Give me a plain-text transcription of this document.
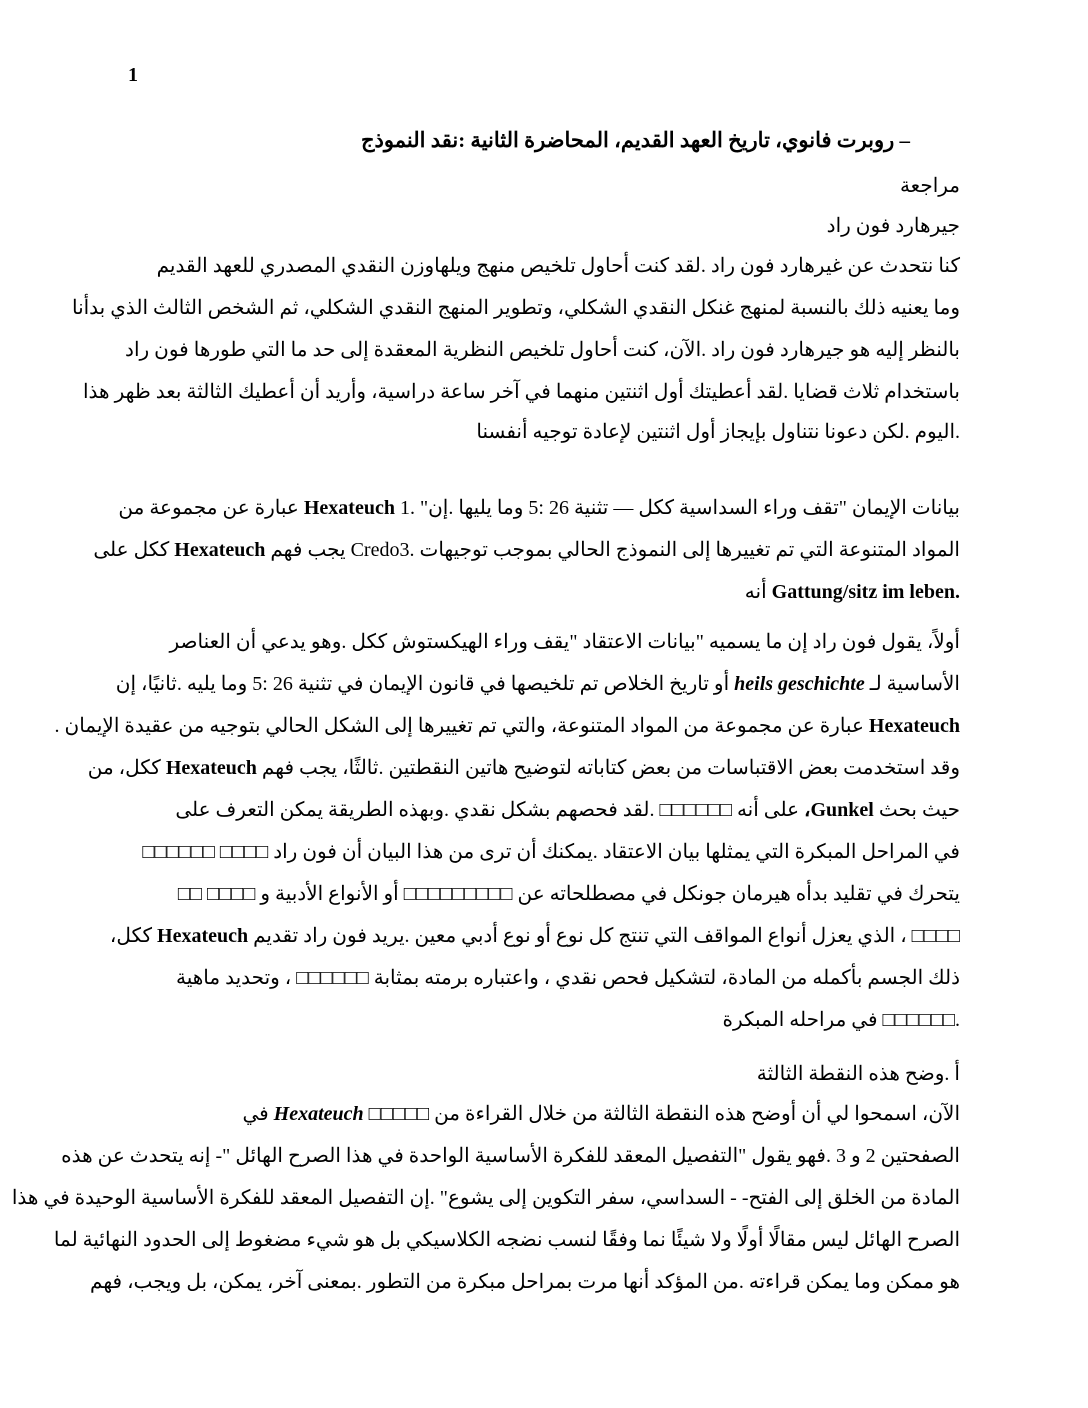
1
– روبرت فانوي، تاريخ العهد القديم، المحاضرة الثانية :نقد النموذج
مراجعة
جيرهارد فون راد
كنا نتحدث عن غيرهارد فون راد .لقد كنت أحاول تلخيص منهج ويلهاوزن النقدي المصدري للعهد القديم
وما يعنيه ذلك بالنسبة لمنهج غنكل النقدي الشكلي، وتطوير المنهج النقدي الشكلي، ثم الشخص الثالث الذي بدأنا
بالنظر إليه هو جيرهارد فون راد .الآن، كنت أحاول تلخيص النظرية المعقدة إلى حد ما التي طورها فون راد
باستخدام ثلاث قضايا .لقد أعطيتك أول اثنتين منهما في آخر ساعة دراسية، وأريد أن أعطيك الثالثة بعد ظهر هذا
.اليوم .لكن دعونا نتناول بإيجاز أول اثنتين لإعادة توجيه أنفسنا
بيانات الإيمان "تقف وراء السداسية ككل — تثنية 26 :5 وما يليها .إن" .1 Hexateuch عبارة عن مجموعة من
المواد المتنوعة التي تم تغييرها إلى النموذج الحالي بموجب توجيهات Credo3. يجب فهم Hexateuch ككل على
Gattung/sitz im leben. أنه
أولاً، يقول فون راد إن ما يسميه "بيانات الاعتقاد "يقف وراء الهيكستوش ككل .وهو يدعي أن العناصر
الأساسية لـ heils geschichte أو تاريخ الخلاص تم تلخيصها في قانون الإيمان في تثنية 26 :5 وما يليه .ثانيًا، إن
Hexateuch عبارة عن مجموعة من المواد المتنوعة، والتي تم تغييرها إلى الشكل الحالي بتوجيه من عقيدة الإيمان .
وقد استخدمت بعض الاقتباسات من بعض كتاباته لتوضيح هاتين النقطتين .ثالثًا، يجب فهم Hexateuch ككل، من
حيث بحث Gunkel، على أنه □□□□□□ .لقد فحصهم بشكل نقدي .وبهذه الطريقة يمكن التعرف على
في المراحل المبكرة التي يمثلها بيان الاعتقاد .يمكنك أن ترى من هذا البيان أن فون راد □□□□ □□□□□□
يتحرك في تقليد بدأه هيرمان جونكل في مصطلحاته عن □□□□□□□□□ أو الأنواع الأدبية و □□□□ □□
□□□□ ، الذي يعزل أنواع المواقف التي تنتج كل نوع أو نوع أدبي معين .يريد فون راد تقديم Hexateuch ككل،
ذلك الجسم بأكمله من المادة، لتشكيل فحص نقدي ، واعتباره برمته بمثابة □□□□□□ ، وتحديد ماهية
.□□□□□□ في مراحله المبكرة
أ .وضح هذه النقطة الثالثة
الآن، اسمحوا لي أن أوضح هذه النقطة الثالثة من خلال القراءة من □□□□□ Hexateuch في
الصفحتين 2 و 3 .فهو يقول "التفصيل المعقد للفكرة الأساسية الواحدة في هذا الصرح الهائل "- إنه يتحدث عن هذه
المادة من الخلق إلى الفتح- - السداسي، سفر التكوين إلى يشوع" .إن التفصيل المعقد للفكرة الأساسية الوحيدة في هذا
الصرح الهائل ليس مقالًا أولًا ولا شيئًا نما وفقًا لنسب نضجه الكلاسيكي بل هو شيء مضغوط إلى الحدود النهائية لما
هو ممكن وما يمكن قراءته .من المؤكد أنها مرت بمراحل مبكرة من التطور .بمعنى آخر، يمكن، بل ويجب، فهم
